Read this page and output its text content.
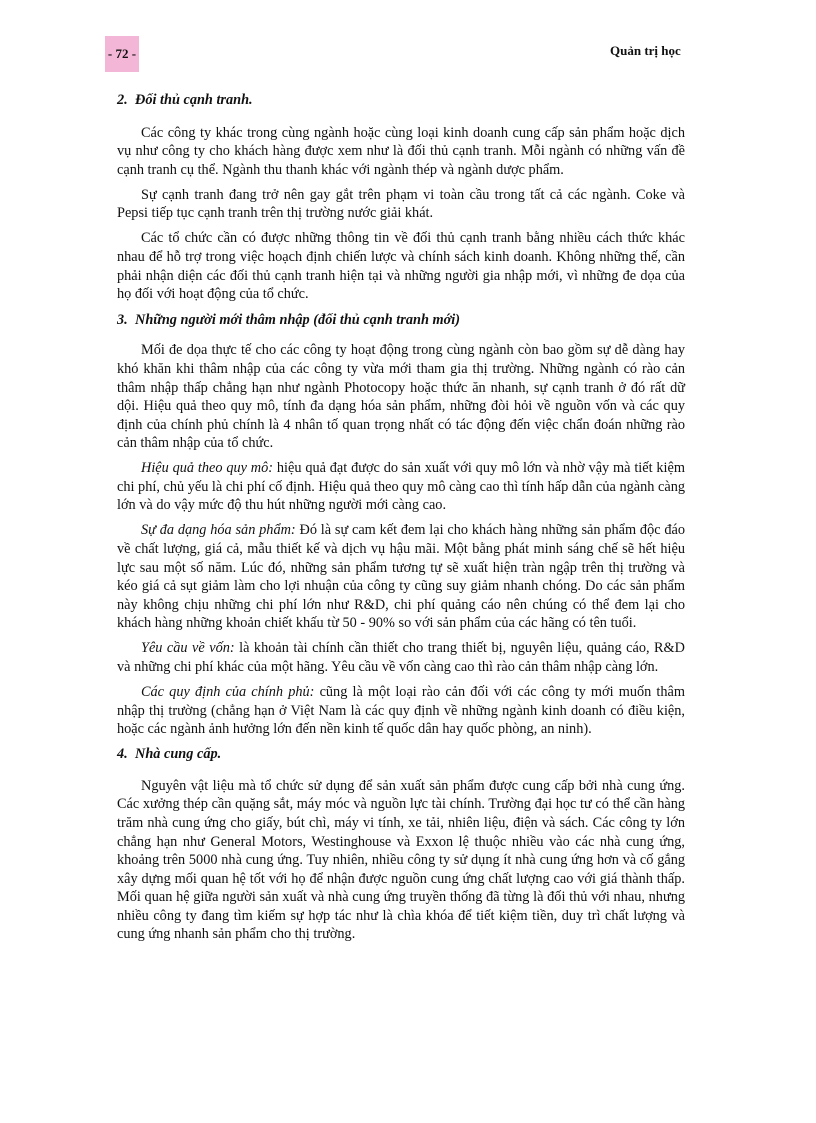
- 72 -	Quản trị học
2. Đối thủ cạnh tranh.

Các công ty khác trong cùng ngành hoặc cùng loại kinh doanh cung cấp sản phẩm hoặc dịch vụ như công ty cho khách hàng được xem như là đối thủ cạnh tranh. Mỗi ngành có những vấn đề cạnh tranh cụ thể. Ngành thu thanh khác với ngành thép và ngành dược phẩm.

Sự cạnh tranh đang trở nên gay gắt trên phạm vi toàn cầu trong tất cả các ngành. Coke và Pepsi tiếp tục cạnh tranh trên thị trường nước giải khát.

Các tổ chức cần có được những thông tin về đối thủ cạnh tranh bằng nhiều cách thức khác nhau để hỗ trợ trong việc hoạch định chiến lược và chính sách kinh doanh. Không những thế, cần phải nhận diện các đối thủ cạnh tranh hiện tại và những người gia nhập mới, vì những đe dọa của họ đối với hoạt động của tổ chức.

3. Những người mới thâm nhập (đối thủ cạnh tranh mới)

Mối đe dọa thực tế cho các công ty hoạt động trong cùng ngành còn bao gồm sự dễ dàng hay khó khăn khi thâm nhập của các công ty vừa mới tham gia thị trường. Những ngành có rào cản thâm nhập thấp chẳng hạn như ngành Photocopy hoặc thức ăn nhanh, sự cạnh tranh ở đó rất dữ dội. Hiệu quả theo quy mô, tính đa dạng hóa sản phẩm, những đòi hỏi về nguồn vốn và các quy định của chính phủ chính là 4 nhân tố quan trọng nhất có tác động đến việc chẩn đoán những rào cản thâm nhập của tổ chức.

Hiệu quả theo quy mô: hiệu quả đạt được do sản xuất với quy mô lớn và nhờ vậy mà tiết kiệm chi phí, chủ yếu là chi phí cố định. Hiệu quả theo quy mô càng cao thì tính hấp dẫn của ngành càng lớn và do vậy mức độ thu hút những người mới càng cao.

Sự đa dạng hóa sản phẩm: Đó là sự cam kết đem lại cho khách hàng những sản phẩm độc đáo về chất lượng, giá cả, mẫu thiết kế và dịch vụ hậu mãi. Một bằng phát minh sáng chế sẽ hết hiệu lực sau một số năm. Lúc đó, những sản phẩm tương tự sẽ xuất hiện tràn ngập trên thị trường và kéo giá cả sụt giảm làm cho lợi nhuận của công ty cũng suy giảm nhanh chóng. Do các sản phẩm này không chịu những chi phí lớn như R&D, chi phí quảng cáo nên chúng có thể đem lại cho khách hàng những khoản chiết khấu từ 50 - 90% so với sản phẩm của các hãng có tên tuổi.

Yêu cầu về vốn: là khoản tài chính cần thiết cho trang thiết bị, nguyên liệu, quảng cáo, R&D và những chi phí khác của một hãng. Yêu cầu về vốn càng cao thì rào cản thâm nhập càng lớn.

Các quy định của chính phủ: cũng là một loại rào cản đối với các công ty mới muốn thâm nhập thị trường (chẳng hạn ở Việt Nam là các quy định về những ngành kinh doanh có điều kiện, hoặc các ngành ảnh hưởng lớn đến nền kinh tế quốc dân hay quốc phòng, an ninh).

4. Nhà cung cấp.

Nguyên vật liệu mà tổ chức sử dụng để sản xuất sản phẩm được cung cấp bởi nhà cung ứng. Các xưởng thép cần quặng sắt, máy móc và nguồn lực tài chính. Trường đại học tư có thể cần hàng trăm nhà cung ứng cho giấy, bút chì, máy vi tính, xe tải, nhiên liệu, điện và sách. Các công ty lớn chẳng hạn như General Motors, Westinghouse và Exxon lệ thuộc nhiều vào các nhà cung ứng, khoảng trên 5000 nhà cung ứng. Tuy nhiên, nhiều công ty sử dụng ít nhà cung ứng hơn và cố gắng xây dựng mối quan hệ tốt với họ để nhận được nguồn cung ứng chất lượng cao với giá thành thấp. Mối quan hệ giữa người sản xuất và nhà cung ứng truyền thống đã từng là đối thủ với nhau, nhưng nhiều công ty đang tìm kiếm sự hợp tác như là chìa khóa để tiết kiệm tiền, duy trì chất lượng và cung ứng nhanh sản phẩm cho thị trường.
